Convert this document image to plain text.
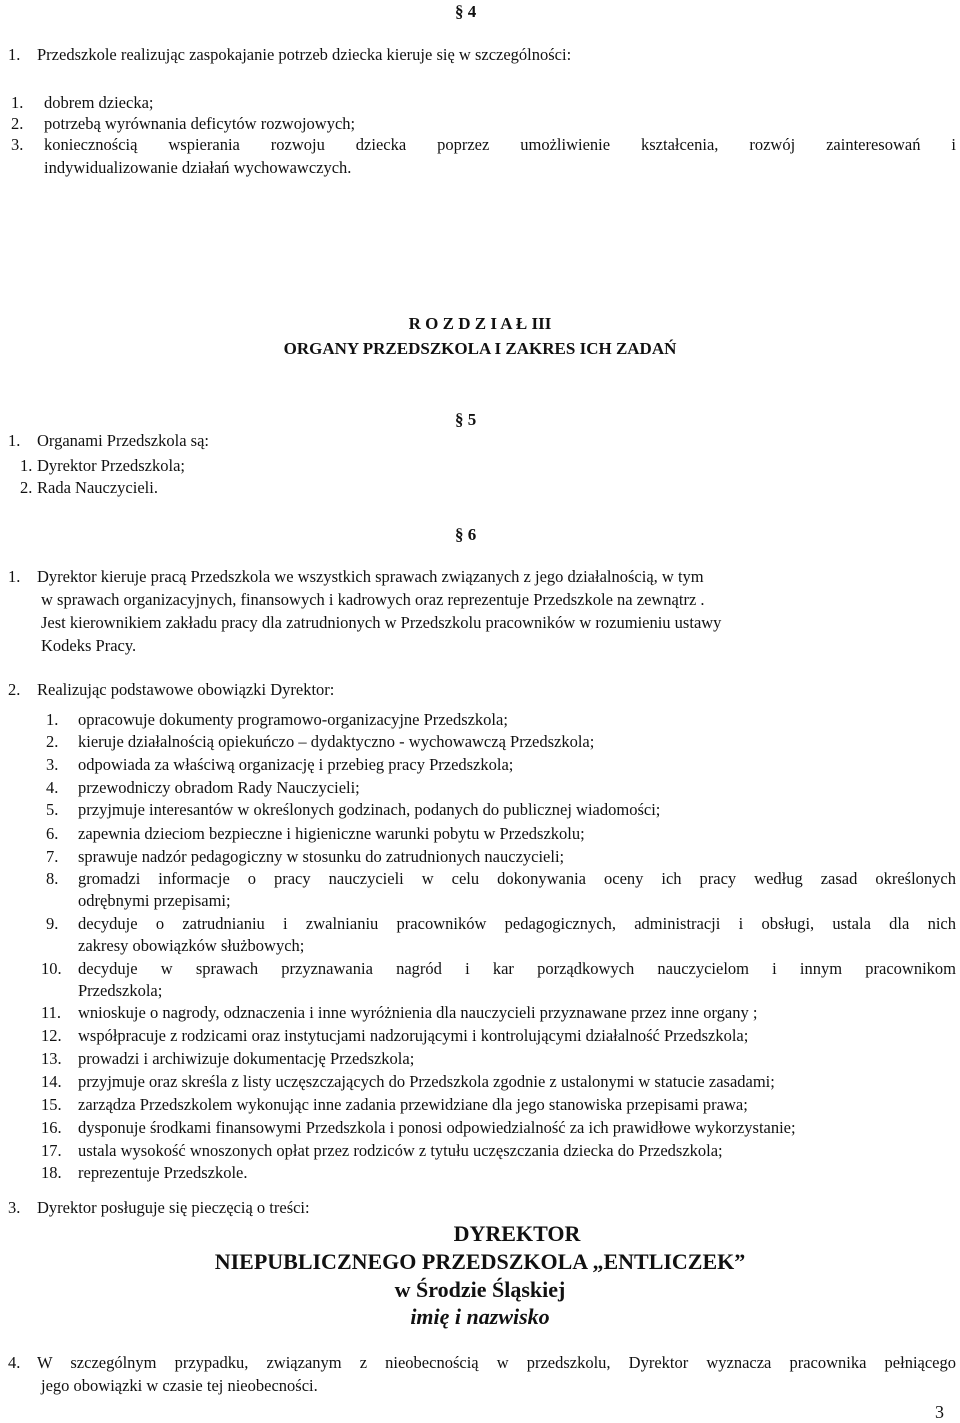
§ 4
1. Przedszkole realizując zaspokajanie potrzeb dziecka kieruje się w szczególności:
1. dobrem dziecka;
2. potrzebą wyrównania deficytów rozwojowych;
3. koniecznością wspierania rozwoju dziecka poprzez umożliwienie kształcenia, rozwój zainteresowań i
indywidualizowanie działań wychowawczych.
R O Z D Z I A Ł III
ORGANY PRZEDSZKOLA I ZAKRES ICH ZADAŃ
§ 5
1. Organami Przedszkola są:
1. Dyrektor Przedszkola;
2. Rada Nauczycieli.
§ 6
1. Dyrektor kieruje pracą Przedszkola we wszystkich sprawach związanych z jego działalnością, w tym
w sprawach organizacyjnych, finansowych i kadrowych oraz reprezentuje Przedszkole na zewnątrz .
Jest kierownikiem zakładu pracy dla zatrudnionych w Przedszkolu pracowników w rozumieniu ustawy
Kodeks Pracy.
2. Realizując podstawowe obowiązki Dyrektor:
1. opracowuje dokumenty programowo-organizacyjne Przedszkola;
2. kieruje działalnością opiekuńczo – dydaktyczno - wychowawczą Przedszkola;
3. odpowiada za właściwą organizację i przebieg pracy Przedszkola;
4. przewodniczy obradom Rady Nauczycieli;
5. przyjmuje interesantów w określonych godzinach, podanych do publicznej wiadomości;
6. zapewnia dzieciom bezpieczne i higieniczne warunki pobytu w Przedszkolu;
7. sprawuje nadzór pedagogiczny w stosunku do zatrudnionych nauczycieli;
8. gromadzi informacje o pracy nauczycieli w celu dokonywania oceny ich pracy według zasad określonych
odrębnymi przepisami;
9. decyduje o zatrudnianiu i zwalnianiu pracowników pedagogicznych, administracji i obsługi, ustala dla nich
zakresy obowiązków służbowych;
10. decyduje w sprawach przyznawania nagród i kar porządkowych nauczycielom i innym pracownikom
Przedszkola;
11. wnioskuje o nagrody, odznaczenia i inne wyróżnienia dla nauczycieli przyznawane przez inne organy ;
12. współpracuje z rodzicami oraz instytucjami nadzorującymi i kontrolującymi działalność Przedszkola;
13. prowadzi i archiwizuje dokumentację Przedszkola;
14. przyjmuje oraz skreśla z listy uczęszczających do Przedszkola zgodnie z ustalonymi w statucie zasadami;
15. zarządza Przedszkolem wykonując inne zadania przewidziane dla jego stanowiska przepisami prawa;
16. dysponuje środkami finansowymi Przedszkola i ponosi odpowiedzialność za ich prawidłowe wykorzystanie;
17. ustala wysokość wnoszonych opłat przez rodziców z tytułu uczęszczania dziecka do Przedszkola;
18. reprezentuje Przedszkole.
3. Dyrektor posługuje się pieczęcią o treści:
DYREKTOR
NIEPUBLICZNEGO PRZEDSZKOLA „ENTLICZEK”
w Środzie Śląskiej
imię i nazwisko
4. W szczególnym przypadku, związanym z nieobecnością w przedszkolu, Dyrektor wyznacza pracownika pełniącego
jego obowiązki w czasie tej nieobecności.
3
